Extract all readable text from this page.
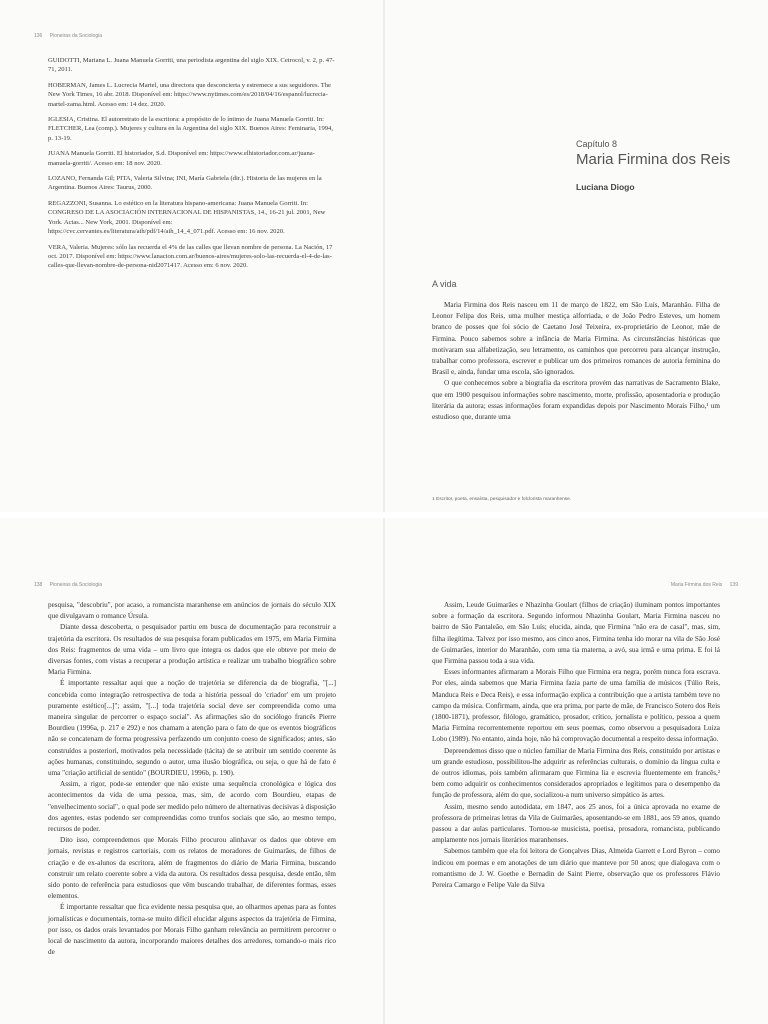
136 Pioneiras da Sociologia

GUIDOTTI, Mariana L. Juana Manuela Gorriti, una periodista argentina del siglo XIX. Cetrocol, v. 2, p. 47-71, 2011.

HOBERMAN, James L. Lucrecia Martel, una directora que desconcierta y estremece a sus seguidores. The New York Times, 16 abr. 2018. Disponível em: https://www.nytimes.com/es/2018/04/16/espanol/lucrecia-martel-zama.html. Acesso em: 14 dez. 2020.

IGLESIA, Cristina. El autorretrato de la escritora: a propósito de lo íntimo de Juana Manuela Gorriti. In: FLETCHER, Lea (comp.). Mujeres y cultura en la Argentina del siglo XIX. Buenos Aires: Feminaria, 1994, p. 13-19.

JUANA Manuela Gorriti. El historiador, S.d. Disponível em: https://www.elhistoriador.com.ar/juana-manuela-gorriti/. Acesso em: 18 nov. 2020.

LOZANO, Fernanda Gil; PITA, Valeria Silvina; INI, María Gabriela (dir.). Historia de las mujeres en la Argentina. Buenos Aires: Taurus, 2000.

REGAZZONI, Susanna. Lo estético en la literatura hispano-americana: Juana Manuela Gorriti. In: CONGRESO DE LA ASOCIACIÓN INTERNACIONAL DE HISPANISTAS, 14., 16-21 jul. 2001, New York. Actas... New York, 2001. Disponível em: https://cvc.cervantes.es/literatura/aih/pdf/14/aih_14_4_071.pdf. Acesso em: 16 nov. 2020.

VERA, Valeria. Mujeres: sólo las recuerda el 4% de las calles que llevan nombre de persona. La Nación, 17 oct. 2017. Disponível em: https://www.lanacion.com.ar/buenos-aires/mujeres-solo-las-recuerda-el-4-de-las-calles-que-llevan-nombre-de-persona-nid2071417. Acesso em: 6 nov. 2020.

Capítulo 8
Maria Firmina dos Reis
Luciana Diogo
A vida

Maria Firmina dos Reis nasceu em 11 de março de 1822, em São Luís, Maranhão. Filha de Leonor Felipa dos Reis, uma mulher mestiça alforriada, e de João Pedro Esteves, um homem branco de posses que foi sócio de Caetano José Teixeira, ex-proprietário de Leonor, mãe de Firmina. Pouco sabemos sobre a infância de Maria Firmina. As circunstâncias históricas que motivaram sua alfabetização, seu letramento, os caminhos que percorreu para alcançar instrução, trabalhar como professora, escrever e publicar um dos primeiros romances de autoria feminina do Brasil e, ainda, fundar uma escola, são ignorados.

O que conhecemos sobre a biografia da escritora provém das narrativas de Sacramento Blake, que em 1900 pesquisou informações sobre nascimento, morte, profissão, aposentadoria e produção literária da autora; essas informações foram expandidas depois por Nascimento Morais Filho,¹ um estudioso que, durante uma

1 Escritor, poeta, ensaísta, pesquisador e folclorista maranhense.
138 Pioneiras da Sociologia	Maria Firmina dos Reis 139

pesquisa, "descobriu", por acaso, a romancista maranhense em anúncios de jornais do século XIX que divulgavam o romance Úrsula.

Diante dessa descoberta, o pesquisador partiu em busca de documentação para reconstruir a trajetória da escritora. Os resultados de sua pesquisa foram publicados em 1975, em Maria Firmina dos Reis: fragmentos de uma vida – um livro que integra os dados que ele obteve por meio de diversas fontes, com vistas a recuperar a produção artística e realizar um trabalho biográfico sobre Maria Firmina.

É importante ressaltar aqui que a noção de trajetória se diferencia da de biografia, "[...] concebida como integração retrospectiva de toda a história pessoal do 'criador' em um projeto puramente estético[...]"; assim, "[...] toda trajetória social deve ser compreendida como uma maneira singular de percorrer o espaço social". As afirmações são do sociólogo francês Pierre Bourdieu (1996a, p. 217 e 292) e nos chamam a atenção para o fato de que os eventos biográficos não se concatenam de forma progressiva perfazendo um conjunto coeso de significados; antes, são construídos a posteriori, motivados pela necessidade (tácita) de se atribuir um sentido coerente às ações humanas, constituindo, segundo o autor, uma ilusão biográfica, ou seja, o que há de fato é uma "criação artificial de sentido" (BOURDIEU, 1996b, p. 190).

Assim, a rigor, pode-se entender que não existe uma sequência cronológica e lógica dos acontecimentos da vida de uma pessoa, mas, sim, de acordo com Bourdieu, etapas de "envelhecimento social", o qual pode ser medido pelo número de alternativas decisivas à disposição dos agentes, estas podendo ser compreendidas como trunfos sociais que são, ao mesmo tempo, recursos de poder.

Dito isso, compreendemos que Morais Filho procurou alinhavar os dados que obteve em jornais, revistas e registros cartoriais, com os relatos de moradores de Guimarães, de filhos de criação e de ex-alunos da escritora, além de fragmentos do diário de Maria Firmina, buscando construir um relato coerente sobre a vida da autora. Os resultados dessa pesquisa, desde então, têm sido ponto de referência para estudiosos que vêm buscando trabalhar, de diferentes formas, esses elementos.

É importante ressaltar que fica evidente nessa pesquisa que, ao olharmos apenas para as fontes jornalísticas e documentais, torna-se muito difícil elucidar alguns aspectos da trajetória de Firmina, por isso, os dados orais levantados por Morais Filho ganham relevância ao permitirem percorrer o local de nascimento da autora, incorporando maiores detalhes dos arredores, tornando-o mais rico de

Assim, Leude Guimarães e Nhazinha Goulart (filhos de criação) iluminam pontos importantes sobre a formação da escritora. Segundo informou Nhazinha Goulart, Maria Firmina nasceu no bairro de São Pantaleão, em São Luís; elucida, ainda, que Firmina "não era de casal", mas, sim, filha ilegítima. Talvez por isso mesmo, aos cinco anos, Firmina tenha ido morar na vila de São José de Guimarães, interior do Maranhão, com uma tia materna, a avó, sua irmã e uma prima. E foi lá que Firmina passou toda a sua vida.

Esses informantes afirmaram a Morais Filho que Firmina era negra, porém nunca fora escrava. Por eles, ainda sabemos que Maria Firmina fazia parte de uma família de músicos (Túlio Reis, Manduca Reis e Deca Reis), e essa informação explica a contribuição que a artista também teve no campo da música. Confirmam, ainda, que era prima, por parte de mãe, de Francisco Sotero dos Reis (1800-1871), professor, filólogo, gramático, prosador, crítico, jornalista e político, pessoa a quem Maria Firmina recorrentemente reportou em seus poemas, como observou a pesquisadora Luiza Lobo (1989). No entanto, ainda hoje, não há comprovação documental a respeito dessa informação.

Depreendemos disso que o núcleo familiar de Maria Firmina dos Reis, constituído por artistas e um grande estudioso, possibilitou-lhe adquirir as referências culturais, o domínio da língua culta e de outros idiomas, pois também afirmaram que Firmina lia e escrevia fluentemente em francês,² bem como adquirir os conhecimentos considerados apropriados e legítimos para o desempenho da função de professora, além do que, socializou-a num universo simpático às artes.

Assim, mesmo sendo autodidata, em 1847, aos 25 anos, foi a única aprovada no exame de professora de primeiras letras da Vila de Guimarães, aposentando-se em 1881, aos 59 anos, quando passou a dar aulas particulares. Tornou-se musicista, poetisa, prosadora, romancista, publicando amplamente nos jornais literários maranhenses.

Sabemos também que ela foi leitora de Gonçalves Dias, Almeida Garrett e Lord Byron – como indicou em poemas e em anotações de um diário que manteve por 50 anos; que dialogava com o romantismo de J. W. Goethe e Bernadin de Saint Pierre, observação que os professores Flávio Pereira Camargo e Felipe Vale da Silva
